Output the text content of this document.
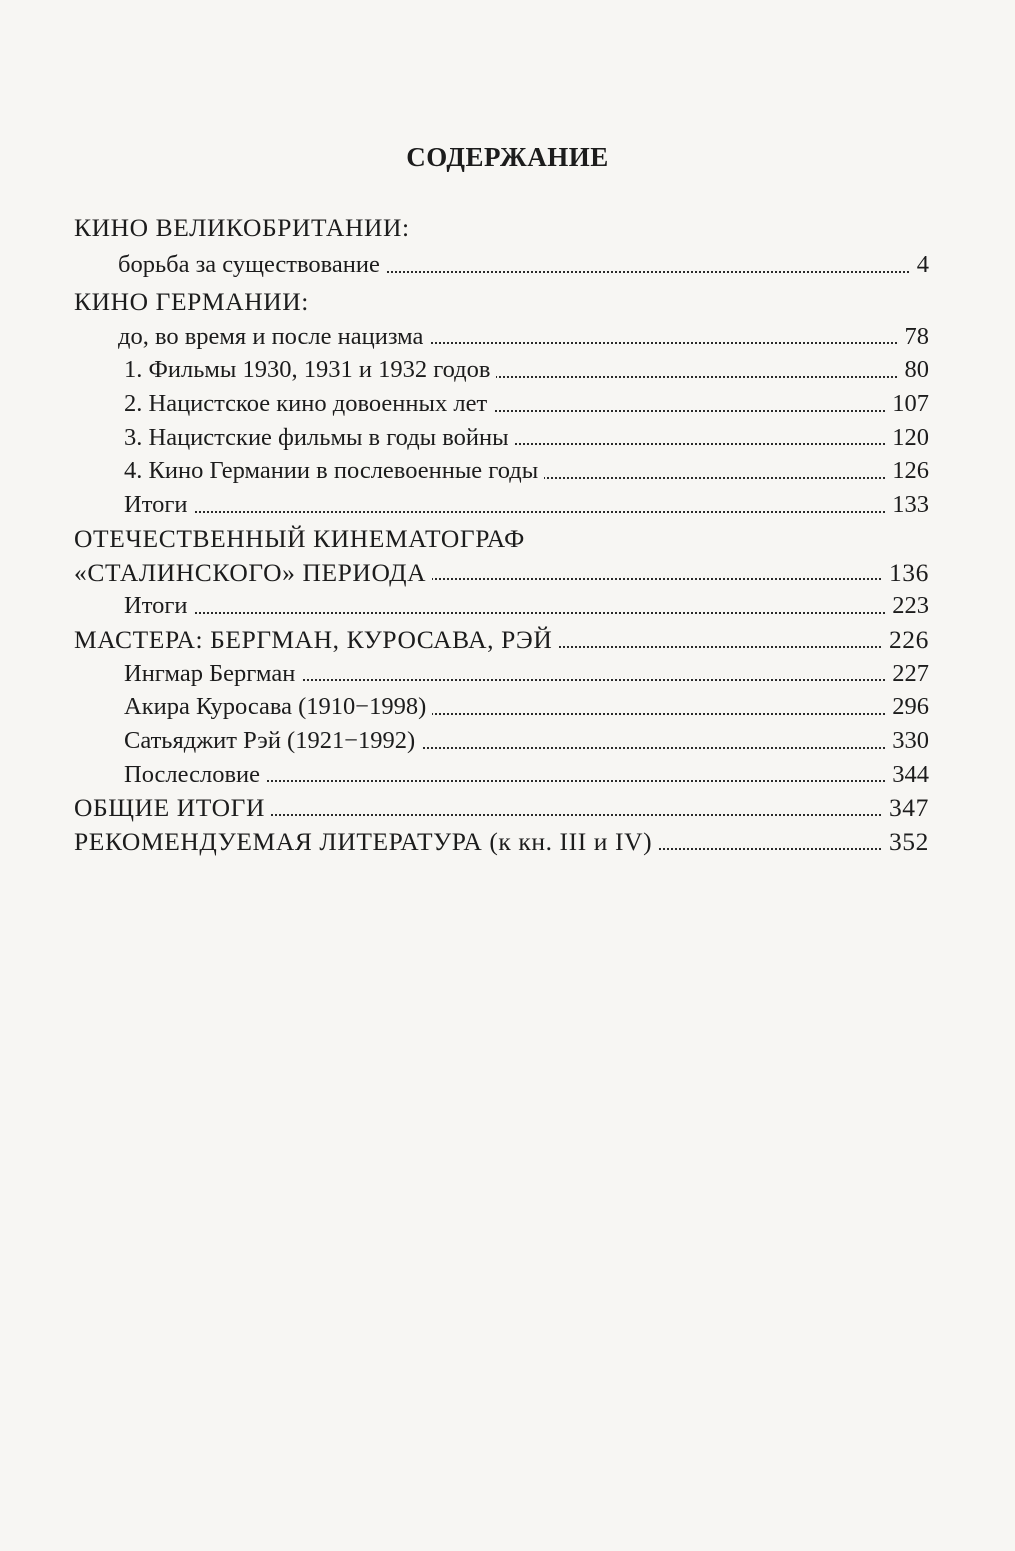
СОДЕРЖАНИЕ
КИНО ВЕЛИКОБРИТАНИИ:
борьба за существование	4
КИНО ГЕРМАНИИ:
до, во время и после нацизма	78
1. Фильмы 1930, 1931 и 1932 годов	80
2. Нацистское кино довоенных лет	107
3. Нацистские фильмы в годы войны	120
4. Кино Германии в послевоенные годы	126
Итоги	133
ОТЕЧЕСТВЕННЫЙ КИНЕМАТОГРАФ
«СТАЛИНСКОГО» ПЕРИОДА	136
Итоги	223
МАСТЕРА: БЕРГМАН, КУРОСАВА, РЭЙ	226
Ингмар Бергман	227
Акира Куросава (1910−1998)	296
Сатьяджит Рэй (1921−1992)	330
Послесловие	344
ОБЩИЕ ИТОГИ	347
РЕКОМЕНДУЕМАЯ ЛИТЕРАТУРА (к кн. III и IV)	352
